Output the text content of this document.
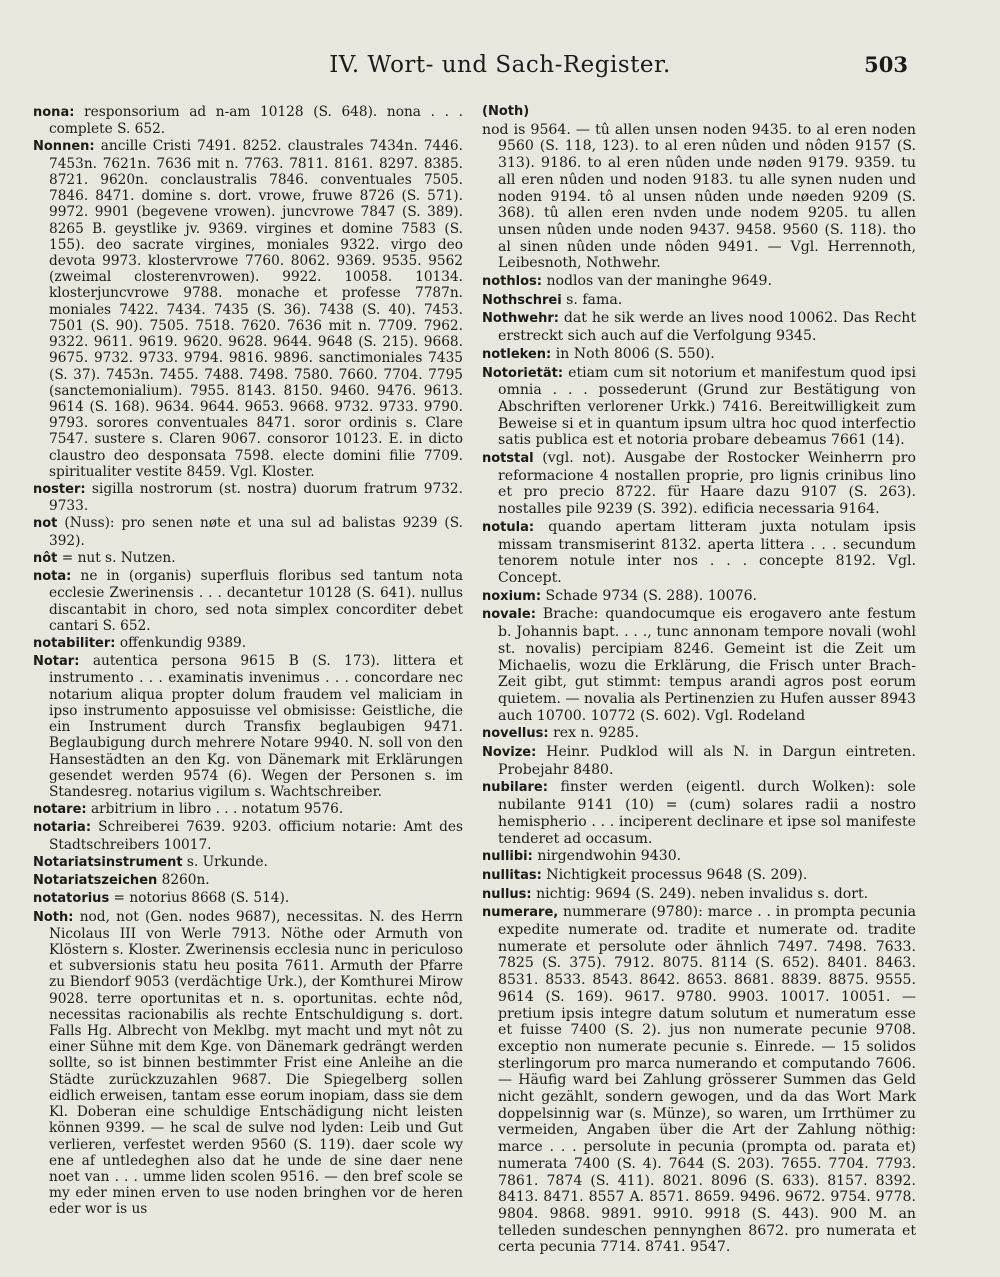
IV. Wort- und Sach-Register.	503

nona: responsorium ad n-am 10128 (S. 648). nona . . . complete S. 652.

Nonnen: ancille Cristi 7491. 8252. claustrales 7434n. 7446. 7453n. 7621n. 7636 mit n. 7763. 7811. 8161. 8297. 8385. 8721. 9620n. conclaustralis 7846. conventuales 7505. 7846. 8471. domine s. dort. vrowe, fruwe 8726 (S. 571). 9972. 9901 (begevene vrowen). juncvrowe 7847 (S. 389). 8265 B. geystlike jv. 9369. virgines et domine 7583 (S. 155). deo sacrate virgines, moniales 9322. virgo deo devota 9973. klostervrowe 7760. 8062. 9369. 9535. 9562 (zweimal closterenvrowen). 9922. 10058. 10134. klosterjuncvrowe 9788. monache et professe 7787n. moniales 7422. 7434. 7435 (S. 36). 7438 (S. 40). 7453. 7501 (S. 90). 7505. 7518. 7620. 7636 mit n. 7709. 7962. 9322. 9611. 9619. 9620. 9628. 9644. 9648 (S. 215). 9668. 9675. 9732. 9733. 9794. 9816. 9896. sanctimoniales 7435 (S. 37). 7453n. 7455. 7488. 7498. 7580. 7660. 7704. 7795 (sanctemonialium). 7955. 8143. 8150. 9460. 9476. 9613. 9614 (S. 168). 9634. 9644. 9653. 9668. 9732. 9733. 9790. 9793. sorores conventuales 8471. soror ordinis s. Clare 7547. sustere s. Claren 9067. consoror 10123. E. in dicto claustro deo desponsata 7598. electe domini filie 7709. spiritualiter vestite 8459. Vgl. Kloster.

noster: sigilla nostrorum (st. nostra) duorum fratrum 9732. 9733.

not (Nuss): pro senen nøte et una sul ad balistas 9239 (S. 392).

nôt = nut s. Nutzen.

nota: ne in (organis) superfluis floribus sed tantum nota ecclesie Zwerinensis . . . decantetur 10128 (S. 641). nullus discantabit in choro, sed nota simplex concorditer debet cantari S. 652.

notabiliter: offenkundig 9389.

Notar: autentica persona 9615 B (S. 173). littera et instrumento . . . examinatis invenimus . . . concordare nec notarium aliqua propter dolum fraudem vel maliciam in ipso instrumento apposuisse vel obmisisse: Geistliche, die ein Instrument durch Transfix beglaubigen 9471. Beglaubigung durch mehrere Notare 9940. N. soll von den Hansestädten an den Kg. von Dänemark mit Erklärungen gesendet werden 9574 (6). Wegen der Personen s. im Standesreg. notarius vigilum s. Wachtschreiber.

notare: arbitrium in libro . . . notatum 9576.

notaria: Schreiberei 7639. 9203. officium notarie: Amt des Stadtschreibers 10017.

Notariatsinstrument s. Urkunde.

Notariatszeichen 8260n.

notatorius = notorius 8668 (S. 514).

Noth: nod, not (Gen. nodes 9687), necessitas. N. des Herrn Nicolaus III von Werle 7913. Nöthe oder Armuth von Klöstern s. Kloster. Zwerinensis ecclesia nunc in periculoso et subversionis statu heu posita 7611. Armuth der Pfarre zu Biendorf 9053 (verdächtige Urk.), der Komthurei Mirow 9028. terre oportunitas et n. s. oportunitas. echte nôd, necessitas racionabilis als rechte Entschuldigung s. dort. Falls Hg. Albrecht von Meklbg. myt macht und myt nôt zu einer Sühne mit dem Kge. von Dänemark gedrängt werden sollte, so ist binnen bestimmter Frist eine Anleihe an die Städte zurückzuzahlen 9687. Die Spiegelberg sollen eidlich erweisen, tantam esse eorum inopiam, dass sie dem Kl. Doberan eine schuldige Entschädigung nicht leisten können 9399. — he scal de sulve nod lyden: Leib und Gut verlieren, verfestet werden 9560 (S. 119). daer scole wy ene af untledeghen also dat he unde de sine daer nene noet van . . . umme liden scolen 9516. — den bref scole se my eder minen erven to use noden bringhen vor de heren eder wor is us

(Noth)

nod is 9564. — tû allen unsen noden 9435. to al eren noden 9560 (S. 118, 123). to al eren nûden und nôden 9157 (S. 313). 9186. to al eren nûden unde nøden 9179. 9359. tu all eren nûden und noden 9183. tu alle synen nuden und noden 9194. tô al unsen nûden unde nøeden 9209 (S. 368). tû allen eren nvden unde nodem 9205. tu allen unsen nûden unde noden 9437. 9458. 9560 (S. 118). tho al sinen nûden unde nôden 9491. — Vgl. Herrennoth, Leibesnoth, Nothwehr.

nothlos: nodlos van der maninghe 9649.

Nothschrei s. fama.

Nothwehr: dat he sik werde an lives nood 10062. Das Recht erstreckt sich auch auf die Verfolgung 9345.

notleken: in Noth 8006 (S. 550).

Notorietät: etiam cum sit notorium et manifestum quod ipsi omnia . . . possederunt (Grund zur Bestätigung von Abschriften verlorener Urkk.) 7416. Bereitwilligkeit zum Beweise si et in quantum ipsum ultra hoc quod interfectio satis publica est et notoria probare debeamus 7661 (14).

notstal (vgl. not). Ausgabe der Rostocker Weinherrn pro reformacione 4 nostallen proprie, pro lignis crinibus lino et pro precio 8722. für Haare dazu 9107 (S. 263). nostalles pile 9239 (S. 392). edificia necessaria 9164.

notula: quando apertam litteram juxta notulam ipsis missam transmiserint 8132. aperta littera . . . secundum tenorem notule inter nos . . . concepte 8192. Vgl. Concept.

noxium: Schade 9734 (S. 288). 10076.

novale: Brache: quandocumque eis erogavero ante festum b. Johannis bapt. . . ., tunc annonam tempore novali (wohl st. novalis) percipiam 8246. Gemeint ist die Zeit um Michaelis, wozu die Erklärung, die Frisch unter Brach-Zeit gibt, gut stimmt: tempus arandi agros post eorum quietem. — novalia als Pertinenzien zu Hufen ausser 8943 auch 10700. 10772 (S. 602). Vgl. Rodeland

novellus: rex n. 9285.

Novize: Heinr. Pudklod will als N. in Dargun eintreten. Probejahr 8480.

nubilare: finster werden (eigentl. durch Wolken): sole nubilante 9141 (10) = (cum) solares radii a nostro hemispherio . . . inciperent declinare et ipse sol manifeste tenderet ad occasum.

nullibi: nirgendwohin 9430.

nullitas: Nichtigkeit processus 9648 (S. 209).

nullus: nichtig: 9694 (S. 249). neben invalidus s. dort.

numerare, nummerare (9780): marce . . in prompta pecunia expedite numerate od. tradite et numerate od. tradite numerate et persolute oder ähnlich 7497. 7498. 7633. 7825 (S. 375). 7912. 8075. 8114 (S. 652). 8401. 8463. 8531. 8533. 8543. 8642. 8653. 8681. 8839. 8875. 9555. 9614 (S. 169). 9617. 9780. 9903. 10017. 10051. — pretium ipsis integre datum solutum et numeratum esse et fuisse 7400 (S. 2). jus non numerate pecunie 9708. exceptio non numerate pecunie s. Einrede. — 15 solidos sterlingorum pro marca numerando et computando 7606. — Häufig ward bei Zahlung grösserer Summen das Geld nicht gezählt, sondern gewogen, und da das Wort Mark doppelsinnig war (s. Münze), so waren, um Irrthümer zu vermeiden, Angaben über die Art der Zahlung nöthig: marce . . . persolute in pecunia (prompta od. parata et) numerata 7400 (S. 4). 7644 (S. 203). 7655. 7704. 7793. 7861. 7874 (S. 411). 8021. 8096 (S. 633). 8157. 8392. 8413. 8471. 8557 A. 8571. 8659. 9496. 9672. 9754. 9778. 9804. 9868. 9891. 9910. 9918 (S. 443). 900 M. an telleden sundeschen pennynghen 8672. pro numerata et certa pecunia 7714. 8741. 9547.
